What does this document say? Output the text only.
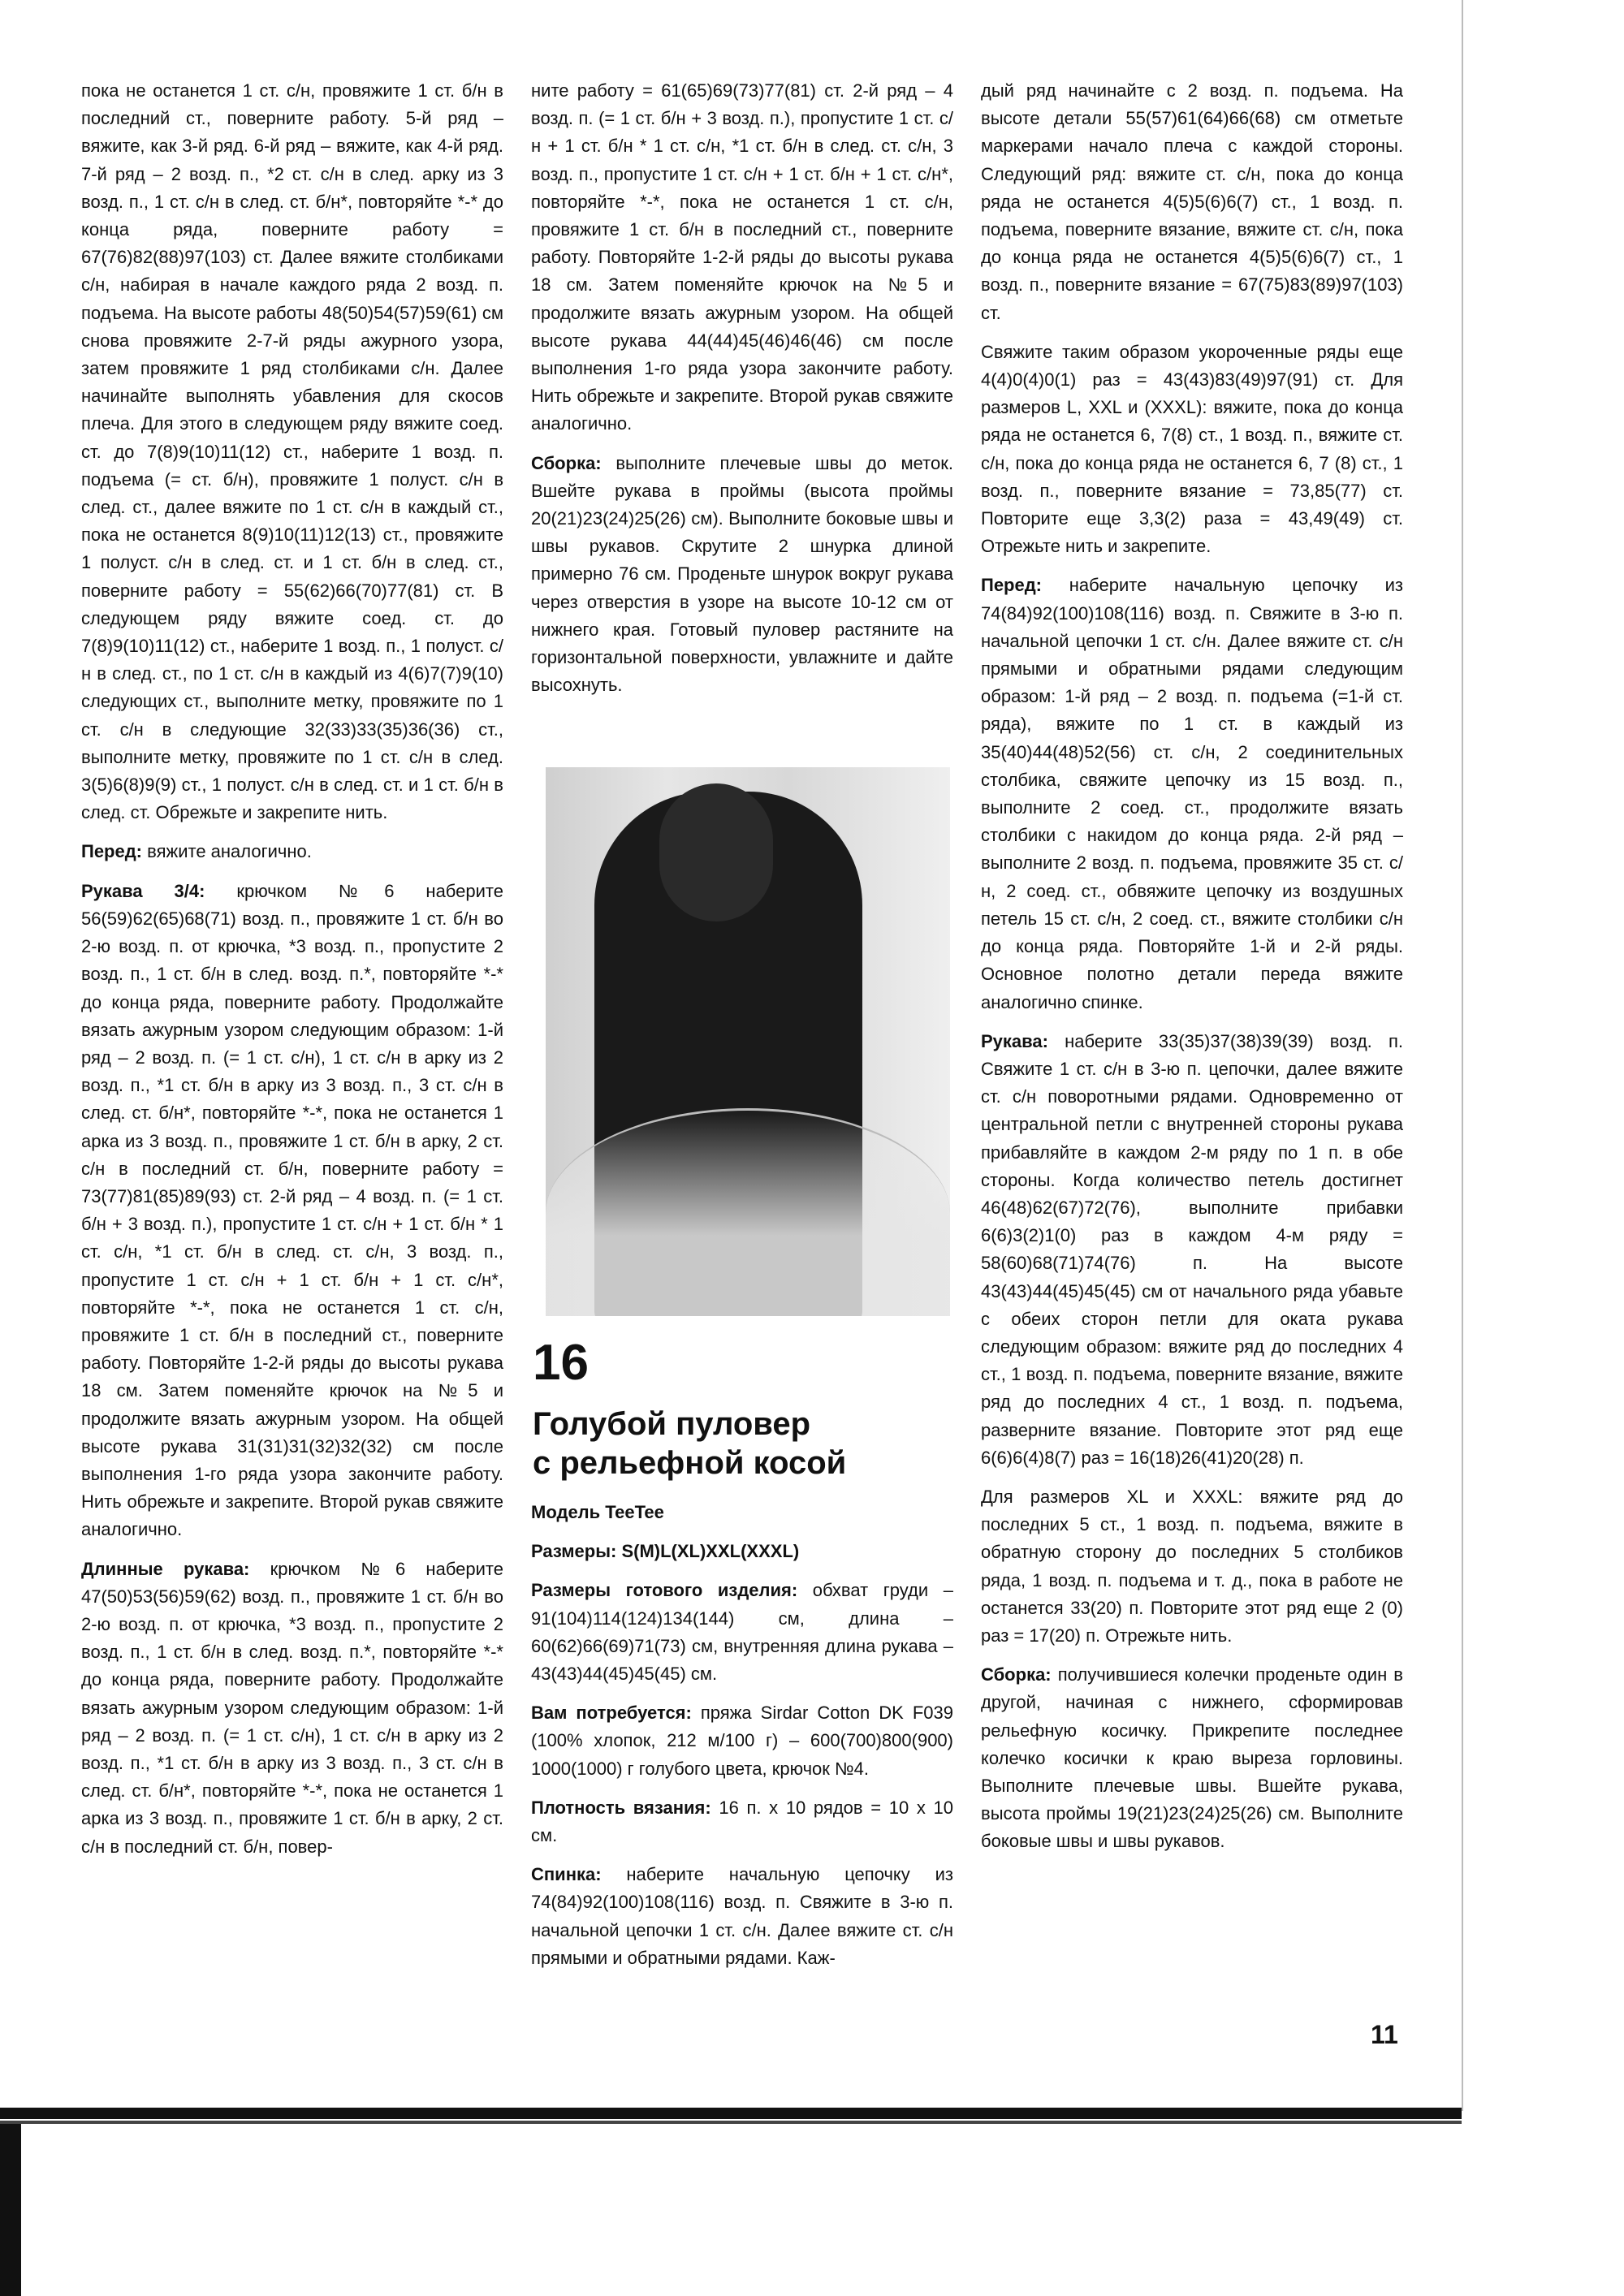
пока не останется 1 ст. с/н, провяжите 1 ст. б/н в последний ст., поверните работу. 5-й ряд – вяжите, как 3-й ряд. 6-й ряд – вяжите, как 4-й ряд. 7-й ряд – 2 возд. п., *2 ст. с/н в след. арку из 3 возд. п., 1 ст. с/н в след. ст. б/н*, повторяйте *-* до конца ряда, поверните работу = 67(76)82(88)97(103) ст. Далее вяжите столбиками с/н, набирая в начале каждого ряда 2 возд. п. подъема. На высоте работы 48(50)54(57)59(61) см снова провяжите 2-7-й ряды ажурного узора, затем провяжите 1 ряд столбиками с/н. Далее начинайте выполнять убавления для скосов плеча. Для этого в следующем ряду вяжите соед. ст. до 7(8)9(10)11(12) ст., наберите 1 возд. п. подъема (= ст. б/н), провяжите 1 полуст. с/н в след. ст., далее вяжите по 1 ст. с/н в каждый ст., пока не останется 8(9)10(11)12(13) ст., провяжите 1 полуст. с/н в след. ст. и 1 ст. б/н в след. ст., поверните работу = 55(62)66(70)77(81) ст. В следующем ряду вяжите соед. ст. до 7(8)9(10)11(12) ст., наберите 1 возд. п., 1 полуст. с/н в след. ст., по 1 ст. с/н в каждый из 4(6)7(7)9(10) следующих ст., выполните метку, провяжите по 1 ст. с/н в следующие 32(33)33(35)36(36) ст., выполните метку, провяжите по 1 ст. с/н в след. 3(5)6(8)9(9) ст., 1 полуст. с/н в след. ст. и 1 ст. б/н в след. ст. Обрежьте и закрепите нить.

Перед: вяжите аналогично.

Рукава 3/4: крючком №6 наберите 56(59)62(65)68(71) возд. п., провяжите 1 ст. б/н во 2-ю возд. п. от крючка, *3 возд. п., пропустите 2 возд. п., 1 ст. б/н в след. возд. п.*, повторяйте *-* до конца ряда, поверните работу. Продолжайте вязать ажурным узором следующим образом: 1-й ряд – 2 возд. п. (= 1 ст. с/н), 1 ст. с/н в арку из 2 возд. п., *1 ст. б/н в арку из 3 возд. п., 3 ст. с/н в след. ст. б/н*, повторяйте *-*, пока не останется 1 арка из 3 возд. п., провяжите 1 ст. б/н в арку, 2 ст. с/н в последний ст. б/н, поверните работу = 73(77)81(85)89(93) ст. 2-й ряд – 4 возд. п. (= 1 ст. б/н + 3 возд. п.), пропустите 1 ст. с/н + 1 ст. б/н * 1 ст. с/н, *1 ст. б/н в след. ст. с/н, 3 возд. п., пропустите 1 ст. с/н + 1 ст. б/н + 1 ст. с/н*, повторяйте *-*, пока не останется 1 ст. с/н, провяжите 1 ст. б/н в последний ст., поверните работу. Повторяйте 1-2-й ряды до высоты рукава 18 см. Затем поменяйте крючок на №5 и продолжите вязать ажурным узором. На общей высоте рукава 31(31)31(32)32(32) см после выполнения 1-го ряда узора закончите работу. Нить обрежьте и закрепите. Второй рукав свяжите аналогично.

Длинные рукава: крючком №6 наберите 47(50)53(56)59(62) возд. п., провяжите 1 ст. б/н во 2-ю возд. п. от крючка, *3 возд. п., пропустите 2 возд. п., 1 ст. б/н в след. возд. п.*, повторяйте *-* до конца ряда, поверните работу. Продолжайте вязать ажурным узором следующим образом: 1-й ряд – 2 возд. п. (= 1 ст. с/н), 1 ст. с/н в арку из 2 возд. п., *1 ст. б/н в арку из 3 возд. п., 3 ст. с/н в след. ст. б/н*, повторяйте *-*, пока не останется 1 арка из 3 возд. п., провяжите 1 ст. б/н в арку, 2 ст. с/н в последний ст. б/н, повер-

ните работу = 61(65)69(73)77(81) ст. 2-й ряд – 4 возд. п. (= 1 ст. б/н + 3 возд. п.), пропустите 1 ст. с/н + 1 ст. б/н * 1 ст. с/н, *1 ст. б/н в след. ст. с/н, 3 возд. п., пропустите 1 ст. с/н + 1 ст. б/н + 1 ст. с/н*, повторяйте *-*, пока не останется 1 ст. с/н, провяжите 1 ст. б/н в последний ст., поверните работу. Повторяйте 1-2-й ряды до высоты рукава 18 см. Затем поменяйте крючок на №5 и продолжите вязать ажурным узором. На общей высоте рукава 44(44)45(46)46(46) см после выполнения 1-го ряда узора закончите работу. Нить обрежьте и закрепите. Второй рукав свяжите аналогично.

Сборка: выполните плечевые швы до меток. Вшейте рукава в проймы (высота проймы 20(21)23(24)25(26) см). Выполните боковые швы и швы рукавов. Скрутите 2 шнурка длиной примерно 76 см. Проденьте шнурок вокруг рукава через отверстия в узоре на высоте 10-12 см от нижнего края. Готовый пуловер растяните на горизонтальной поверхности, увлажните и дайте высохнуть.

16
Голубой пуловер
с рельефной косой

Модель TeeTee

Размеры: S(M)L(XL)XXL(XXXL)

Размеры готового изделия: обхват груди – 91(104)114(124)134(144) см, длина – 60(62)66(69)71(73) см, внутренняя длина рукава – 43(43)44(45)45(45) см.

Вам потребуется: пряжа Sirdar Cotton DK F039 (100% хлопок, 212 м/100 г) – 600(700)800(900) 1000(1000) г голубого цвета, крючок №4.

Плотность вязания: 16 п. х 10 рядов = 10 х 10 см.

Спинка: наберите начальную цепочку из 74(84)92(100)108(116) возд. п. Свяжите в 3-ю п. начальной цепочки 1 ст. с/н. Далее вяжите ст. с/н прямыми и обратными рядами. Каж-

дый ряд начинайте с 2 возд. п. подъема. На высоте детали 55(57)61(64)66(68) см отметьте маркерами начало плеча с каждой стороны. Следующий ряд: вяжите ст. с/н, пока до конца ряда не останется 4(5)5(6)6(7) ст., 1 возд. п. подъема, поверните вязание, вяжите ст. с/н, пока до конца ряда не останется 4(5)5(6)6(7) ст., 1 возд. п., поверните вязание = 67(75)83(89)97(103) ст.

Свяжите таким образом укороченные ряды еще 4(4)0(4)0(1) раз = 43(43)83(49)97(91) ст. Для размеров L, XXL и (XXXL): вяжите, пока до конца ряда не останется 6, 7(8) ст., 1 возд. п., вяжите ст. с/н, пока до конца ряда не останется 6, 7 (8) ст., 1 возд. п., поверните вязание = 73,85(77) ст. Повторите еще 3,3(2) раза = 43,49(49) ст. Отрежьте нить и закрепите.

Перед: наберите начальную цепочку из 74(84)92(100)108(116) возд. п. Свяжите в 3-ю п. начальной цепочки 1 ст. с/н. Далее вяжите ст. с/н прямыми и обратными рядами следующим образом: 1-й ряд – 2 возд. п. подъема (=1-й ст. ряда), вяжите по 1 ст. в каждый из 35(40)44(48)52(56) ст. с/н, 2 соединительных столбика, свяжите цепочку из 15 возд. п., выполните 2 соед. ст., продолжите вязать столбики с накидом до конца ряда. 2-й ряд – выполните 2 возд. п. подъема, провяжите 35 ст. с/н, 2 соед. ст., обвяжите цепочку из воздушных петель 15 ст. с/н, 2 соед. ст., вяжите столбики с/н до конца ряда. Повторяйте 1-й и 2-й ряды. Основное полотно детали переда вяжите аналогично спинке.

Рукава: наберите 33(35)37(38)39(39) возд. п. Свяжите 1 ст. с/н в 3-ю п. цепочки, далее вяжите ст. с/н поворотными рядами. Одновременно от центральной петли с внутренней стороны рукава прибавляйте в каждом 2-м ряду по 1 п. в обе стороны. Когда количество петель достигнет 46(48)62(67)72(76), выполните прибавки 6(6)3(2)1(0) раз в каждом 4-м ряду = 58(60)68(71)74(76) п. На высоте 43(43)44(45)45(45) см от начального ряда убавьте с обеих сторон петли для оката рукава следующим образом: вяжите ряд до последних 4 ст., 1 возд. п. подъема, поверните вязание, вяжите ряд до последних 4 ст., 1 возд. п. подъема, разверните вязание. Повторите этот ряд еще 6(6)6(4)8(7) раз = 16(18)26(41)20(28) п.

Для размеров XL и XXXL: вяжите ряд до последних 5 ст., 1 возд. п. подъема, вяжите в обратную сторону до последних 5 столбиков ряда, 1 возд. п. подъема и т. д., пока в работе не останется 33(20) п. Повторите этот ряд еще 2 (0) раз = 17(20) п. Отрежьте нить.

Сборка: получившиеся колечки проденьте один в другой, начиная с нижнего, сформировав рельефную косичку. Прикрепите последнее колечко косички к краю выреза горловины. Выполните плечевые швы. Вшейте рукава, высота проймы 19(21)23(24)25(26) см. Выполните боковые швы и швы рукавов.

11
